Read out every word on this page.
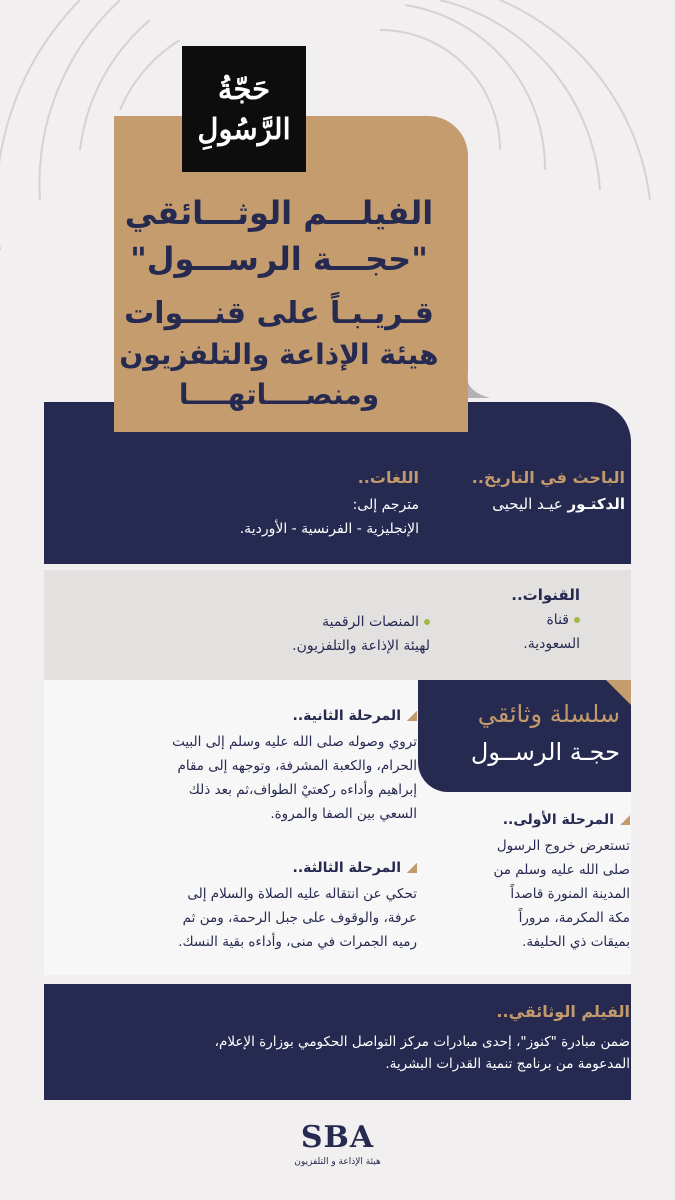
حَجّةُ
الرَّسُولِ
الفيلـــم الوثـــائقي
"حجـــة الرســـول"
قـريـبـاً على قنـــوات
هيئة الإذاعة والتلفزيون
ومنصــــاتهــــا
الباحث في التاريخ..
الدكتـور عيـد اليحيى
اللغات..
مترجم إلى:
الإنجليزية - الفرنسية - الأوردية.
القنوات..
قناة
السعودية.
المنصات الرقمية
لهيئة الإذاعة والتلفزيون.
سلسلة وثائقي
حجـة الرســول
المرحلة الثانية..
تروي وصوله صلى الله عليه وسلم إلى البيت
الحرام، والكعبة المشرفة، وتوجهه إلى مقام
إبراهيم وأداءه ركعتيْ الطواف،ثم بعد ذلك
السعي بين الصفا والمروة.
المرحلة الثالثة..
تحكي عن انتقاله عليه الصلاة والسلام إلى
عرفة، والوقوف على جبل الرحمة، ومن ثم
رميه الجمرات في منى، وأداءه بقية النسك.
المرحلة الأولى..
تستعرض خروج الرسول
صلى الله عليه وسلم من
المدينة المنورة قاصداً
مكة المكرمة، مروراً
بميقات ذي الحليفة.
الفيلم الوثائقي..
ضمن مبادرة "كنوز"، إحدى مبادرات مركز التواصل الحكومي بوزارة الإعلام،
المدعومة من برنامج تنمية القدرات البشرية.
SBA
هيئة الإذاعة و التلفزيون
